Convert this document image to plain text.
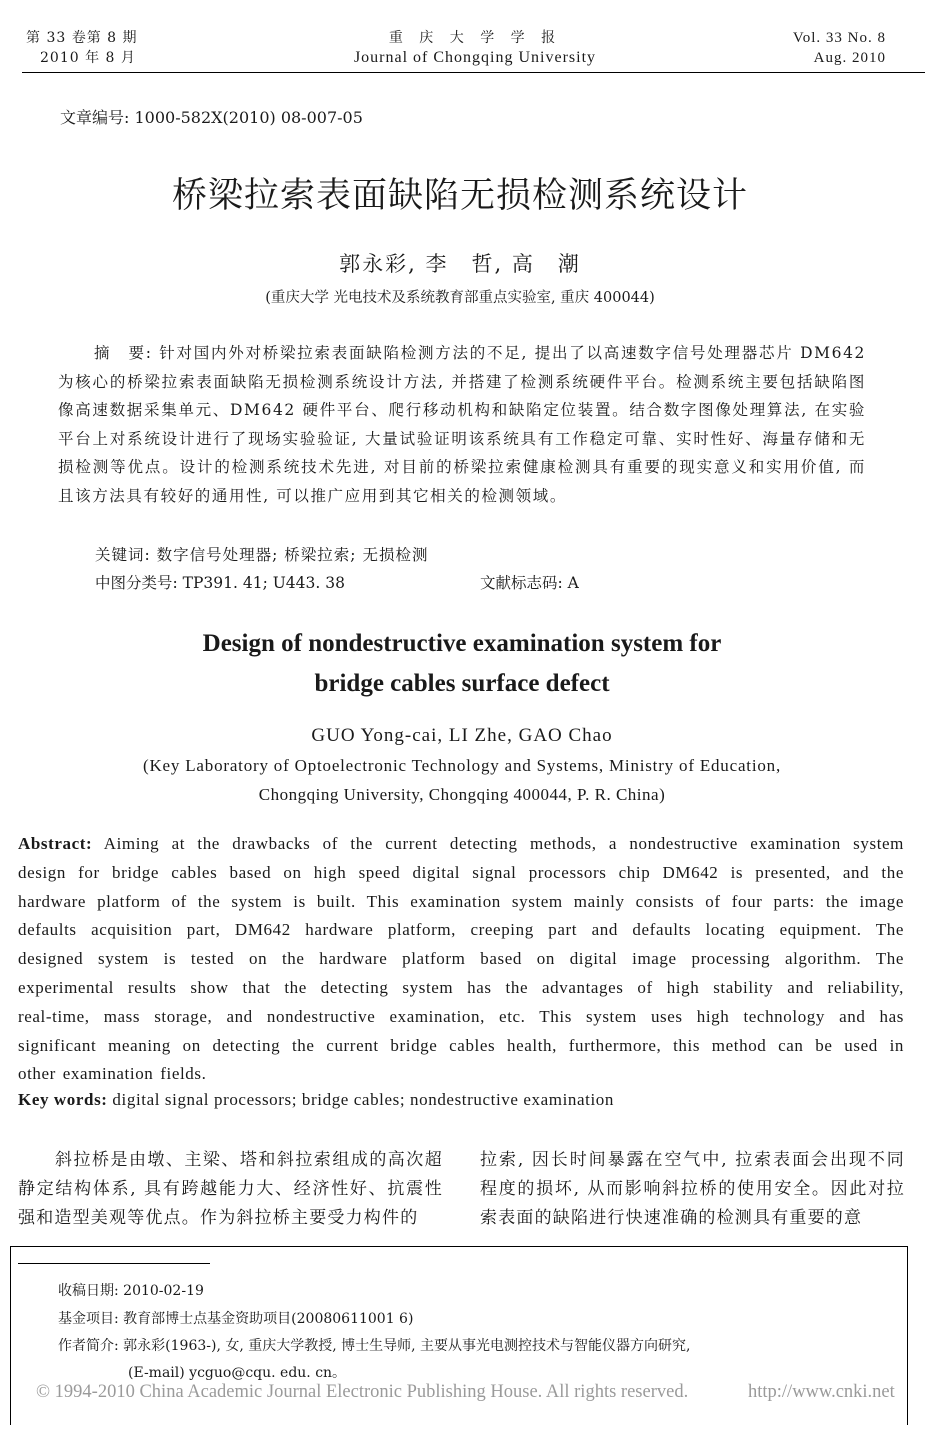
第 33 卷第 8 期
2010 年 8 月
重 庆 大 学 学 报
Journal of Chongqing University
Vol. 33 No. 8
Aug. 2010
文章编号: 1000-582X(2010) 08-007-05
桥梁拉索表面缺陷无损检测系统设计
郭永彩, 李　哲, 高　潮
(重庆大学 光电技术及系统教育部重点实验室, 重庆 400044)
摘　要: 针对国内外对桥梁拉索表面缺陷检测方法的不足, 提出了以高速数字信号处理器芯片 DM642 为核心的桥梁拉索表面缺陷无损检测系统设计方法, 并搭建了检测系统硬件平台。检测系统主要包括缺陷图像高速数据采集单元、DM642 硬件平台、爬行移动机构和缺陷定位装置。结合数字图像处理算法, 在实验平台上对系统设计进行了现场实验验证, 大量试验证明该系统具有工作稳定可靠、实时性好、海量存储和无损检测等优点。设计的检测系统技术先进, 对目前的桥梁拉索健康检测具有重要的现实意义和实用价值, 而且该方法具有较好的通用性, 可以推广应用到其它相关的检测领域。
关键词: 数字信号处理器; 桥梁拉索; 无损检测
中图分类号: TP391. 41; U443. 38	文献标志码: A
Design of nondestructive examination system for
bridge cables surface defect
GUO Yong-cai, LI Zhe, GAO Chao
(Key Laboratory of Optoelectronic Technology and Systems, Ministry of Education,
Chongqing University, Chongqing 400044, P. R. China)
Abstract: Aiming at the drawbacks of the current detecting methods, a nondestructive examination system
design for bridge cables based on high speed digital signal processors chip DM642 is presented, and the
hardware platform of the system is built. This examination system mainly consists of four parts: the image
defaults acquisition part, DM642 hardware platform, creeping part and defaults locating equipment. The
designed system is tested on the hardware platform based on digital image processing algorithm. The
experimental results show that the detecting system has the advantages of high stability and reliability,
real-time, mass storage, and nondestructive examination, etc. This system uses high technology and has
significant meaning on detecting the current bridge cables health, furthermore, this method can be used in
other examination fields.
Key words: digital signal processors; bridge cables; nondestructive examination
　　斜拉桥是由墩、主梁、塔和斜拉索组成的高次超静定结构体系, 具有跨越能力大、经济性好、抗震性强和造型美观等优点。作为斜拉桥主要受力构件的
拉索, 因长时间暴露在空气中, 拉索表面会出现不同程度的损坏, 从而影响斜拉桥的使用安全。因此对拉索表面的缺陷进行快速准确的检测具有重要的意
收稿日期: 2010-02-19
基金项目: 教育部博士点基金资助项目(20080611001 6)
作者简介: 郭永彩(1963-), 女, 重庆大学教授, 博士生导师, 主要从事光电测控技术与智能仪器方向研究,
(E-mail) ycguo@cqu. edu. cn。
© 1994-2010 China Academic Journal Electronic Publishing House. All rights reserved.	http://www.cnki.net
